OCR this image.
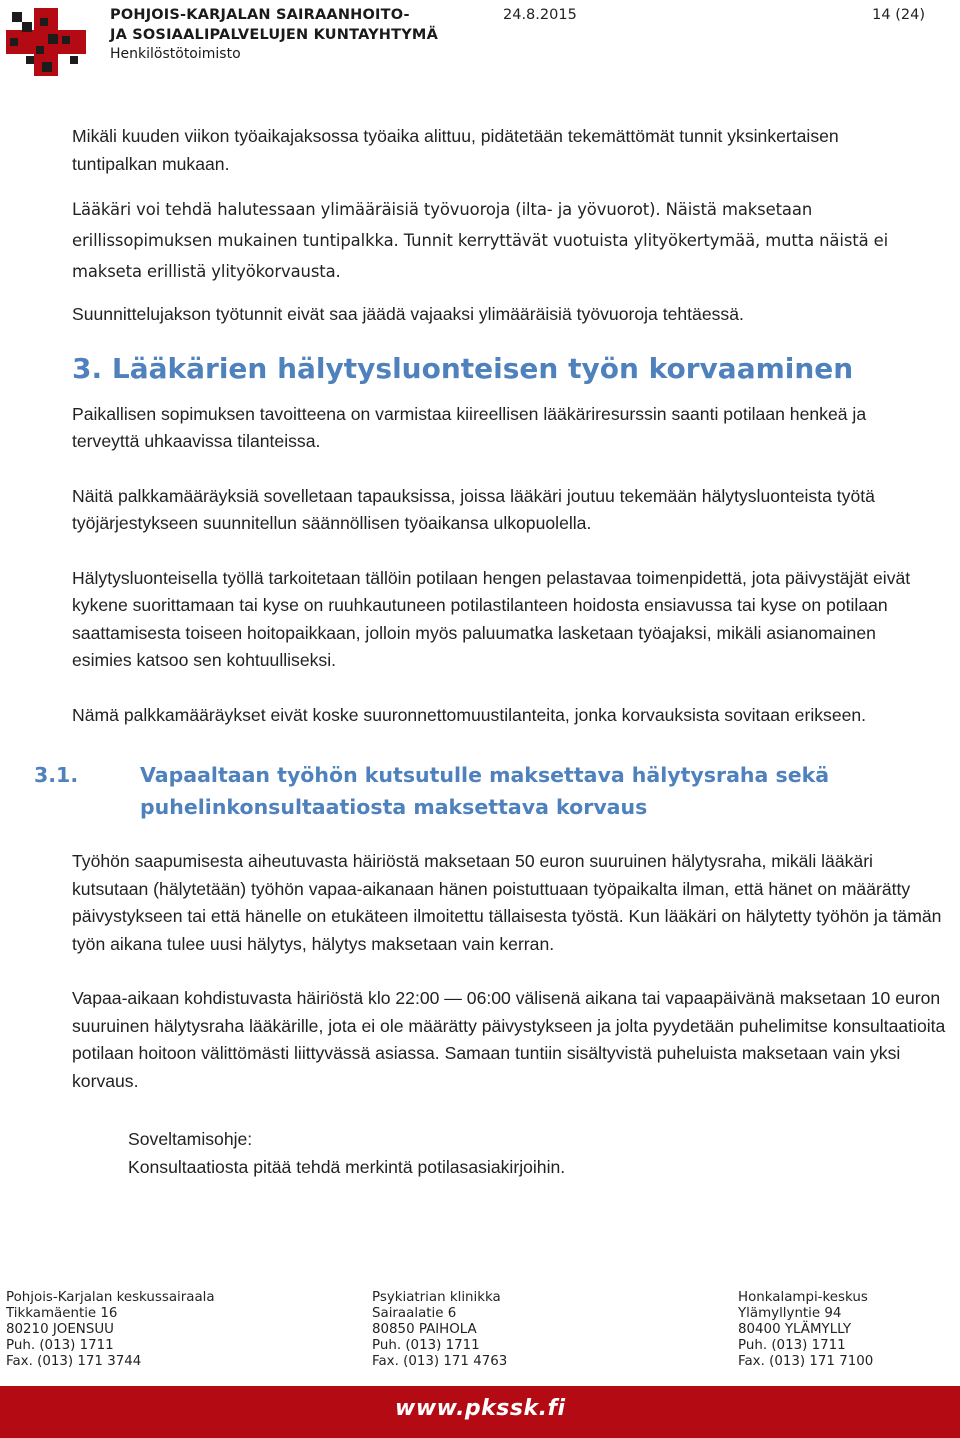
POHJOIS-KARJALAN SAIRAANHOITO-
JA SOSIAALIPALVELUJEN KUNTAYHTYMÄ
Henkilöstötoimisto
24.8.2015	14 (24)

Mikäli kuuden viikon työaikajaksossa työaika alittuu, pidätetään tekemättömät tunnit yksinkertaisen tuntipalkan mukaan.

Lääkäri voi tehdä halutessaan ylimääräisiä työvuoroja (ilta- ja yövuorot). Näistä maksetaan erillissopimuksen mukainen tuntipalkka. Tunnit kerryttävät vuotuista ylityökertymää, mutta näistä ei makseta erillistä ylityökorvausta.

Suunnittelujakson työtunnit eivät saa jäädä vajaaksi ylimääräisiä työvuoroja tehtäessä.

3. Lääkärien hälytysluonteisen työn korvaaminen

Paikallisen sopimuksen tavoitteena on varmistaa kiireellisen lääkäriresurssin saanti potilaan henkeä ja terveyttä uhkaavissa tilanteissa.

Näitä palkkamääräyksiä sovelletaan tapauksissa, joissa lääkäri joutuu tekemään hälytysluonteista työtä työjärjestykseen suunnitellun säännöllisen työaikansa ulkopuolella.

Hälytysluonteisella työllä tarkoitetaan tällöin potilaan hengen pelastavaa toimenpidettä, jota päivystäjät eivät kykene suorittamaan tai kyse on ruuhkautuneen potilastilanteen hoidosta ensiavussa tai kyse on potilaan saattamisesta toiseen hoitopaikkaan, jolloin myös paluumatka lasketaan työajaksi, mikäli asianomainen esimies katsoo sen kohtuulliseksi.

Nämä palkkamääräykset eivät koske suuronnettomuustilanteita, jonka korvauksista sovitaan erikseen.

3.1.	Vapaaltaan työhön kutsutulle maksettava hälytysraha sekä
puhelinkonsultaatiosta maksettava korvaus

Työhön saapumisesta aiheutuvasta häiriöstä maksetaan 50 euron suuruinen hälytysraha, mikäli lääkäri kutsutaan (hälytetään) työhön vapaa-aikanaan hänen poistuttuaan työpaikalta ilman, että hänet on määrätty päivystykseen tai että hänelle on etukäteen ilmoitettu tällaisesta työstä. Kun lääkäri on hälytetty työhön ja tämän työn aikana tulee uusi hälytys, hälytys maksetaan vain kerran.

Vapaa-aikaan kohdistuvasta häiriöstä klo 22:00 — 06:00 välisenä aikana tai vapaapäivänä maksetaan 10 euron suuruinen hälytysraha lääkärille, jota ei ole määrätty päivystykseen ja jolta pyydetään puhelimitse konsultaatioita potilaan hoitoon välittömästi liittyvässä asiassa. Samaan tuntiin sisältyvistä puheluista maksetaan vain yksi korvaus.

Soveltamisohje:

Konsultaatiosta pitää tehdä merkintä potilasasiakirjoihin.

Pohjois-Karjalan keskussairaala
Tikkamäentie 16
80210 JOENSUU
Puh. (013) 1711
Fax. (013) 171 3744
Psykiatrian klinikka
Sairaalatie 6
80850 PAIHOLA
Puh. (013) 1711
Fax. (013) 171 4763
Honkalampi-keskus
Ylämyllyntie 94
80400 YLÄMYLLY
Puh. (013) 1711
Fax. (013) 171 7100
www.pkssk.fi
